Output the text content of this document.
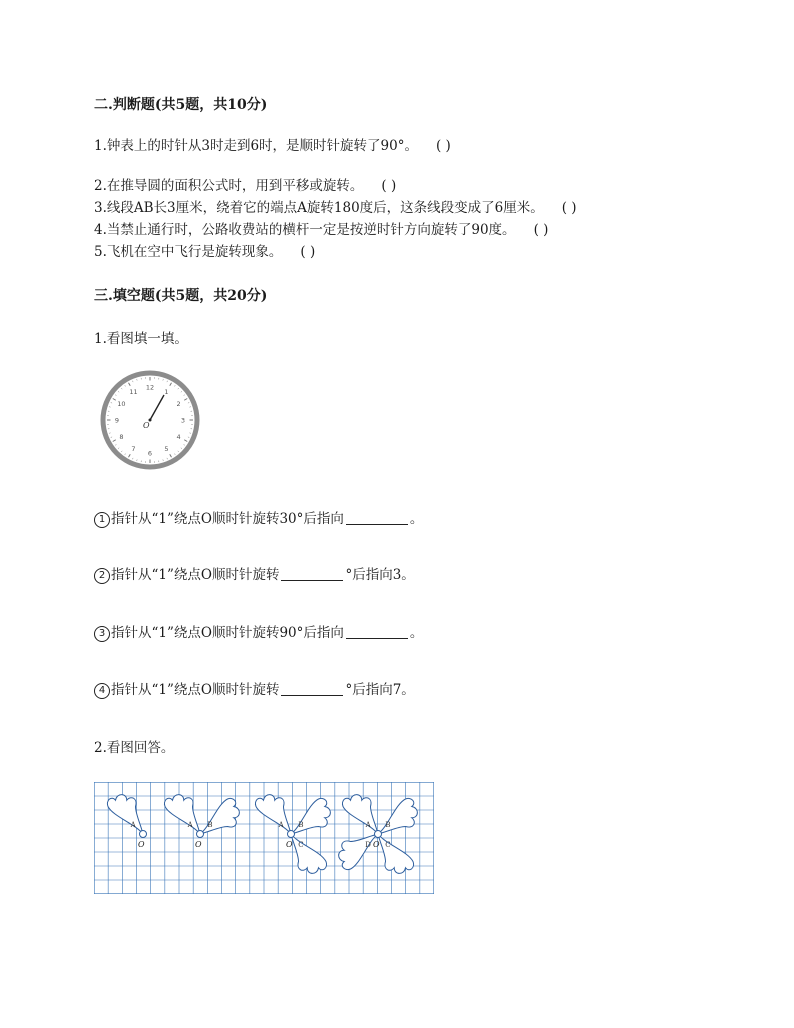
二.判断题(共5题，共10分)
1.钟表上的时针从3时走到6时，是顺时针旋转了90°。 ( )
2.在推导圆的面积公式时，用到平移或旋转。 ( )
3.线段AB长3厘米，绕着它的端点A旋转180度后，这条线段变成了6厘米。 ( )
4.当禁止通行时，公路收费站的横杆一定是按逆时针方向旋转了90度。 ( )
5.飞机在空中飞行是旋转现象。 ( )
三.填空题(共5题，共20分)
1.看图填一填。
12
1
2
3
4
5
6
7
8
9
10
11
O
1 指针从“1”绕点O顺时针旋转30°后指向	。
2 指针从“1”绕点O顺时针旋转	°后指向3。
3 指针从“1”绕点O顺时针旋转90°后指向	。
4 指针从“1”绕点O顺时针旋转	°后指向7。
2.看图回答。
A
O
A B
O
A B
C
O
A B
C
D O
